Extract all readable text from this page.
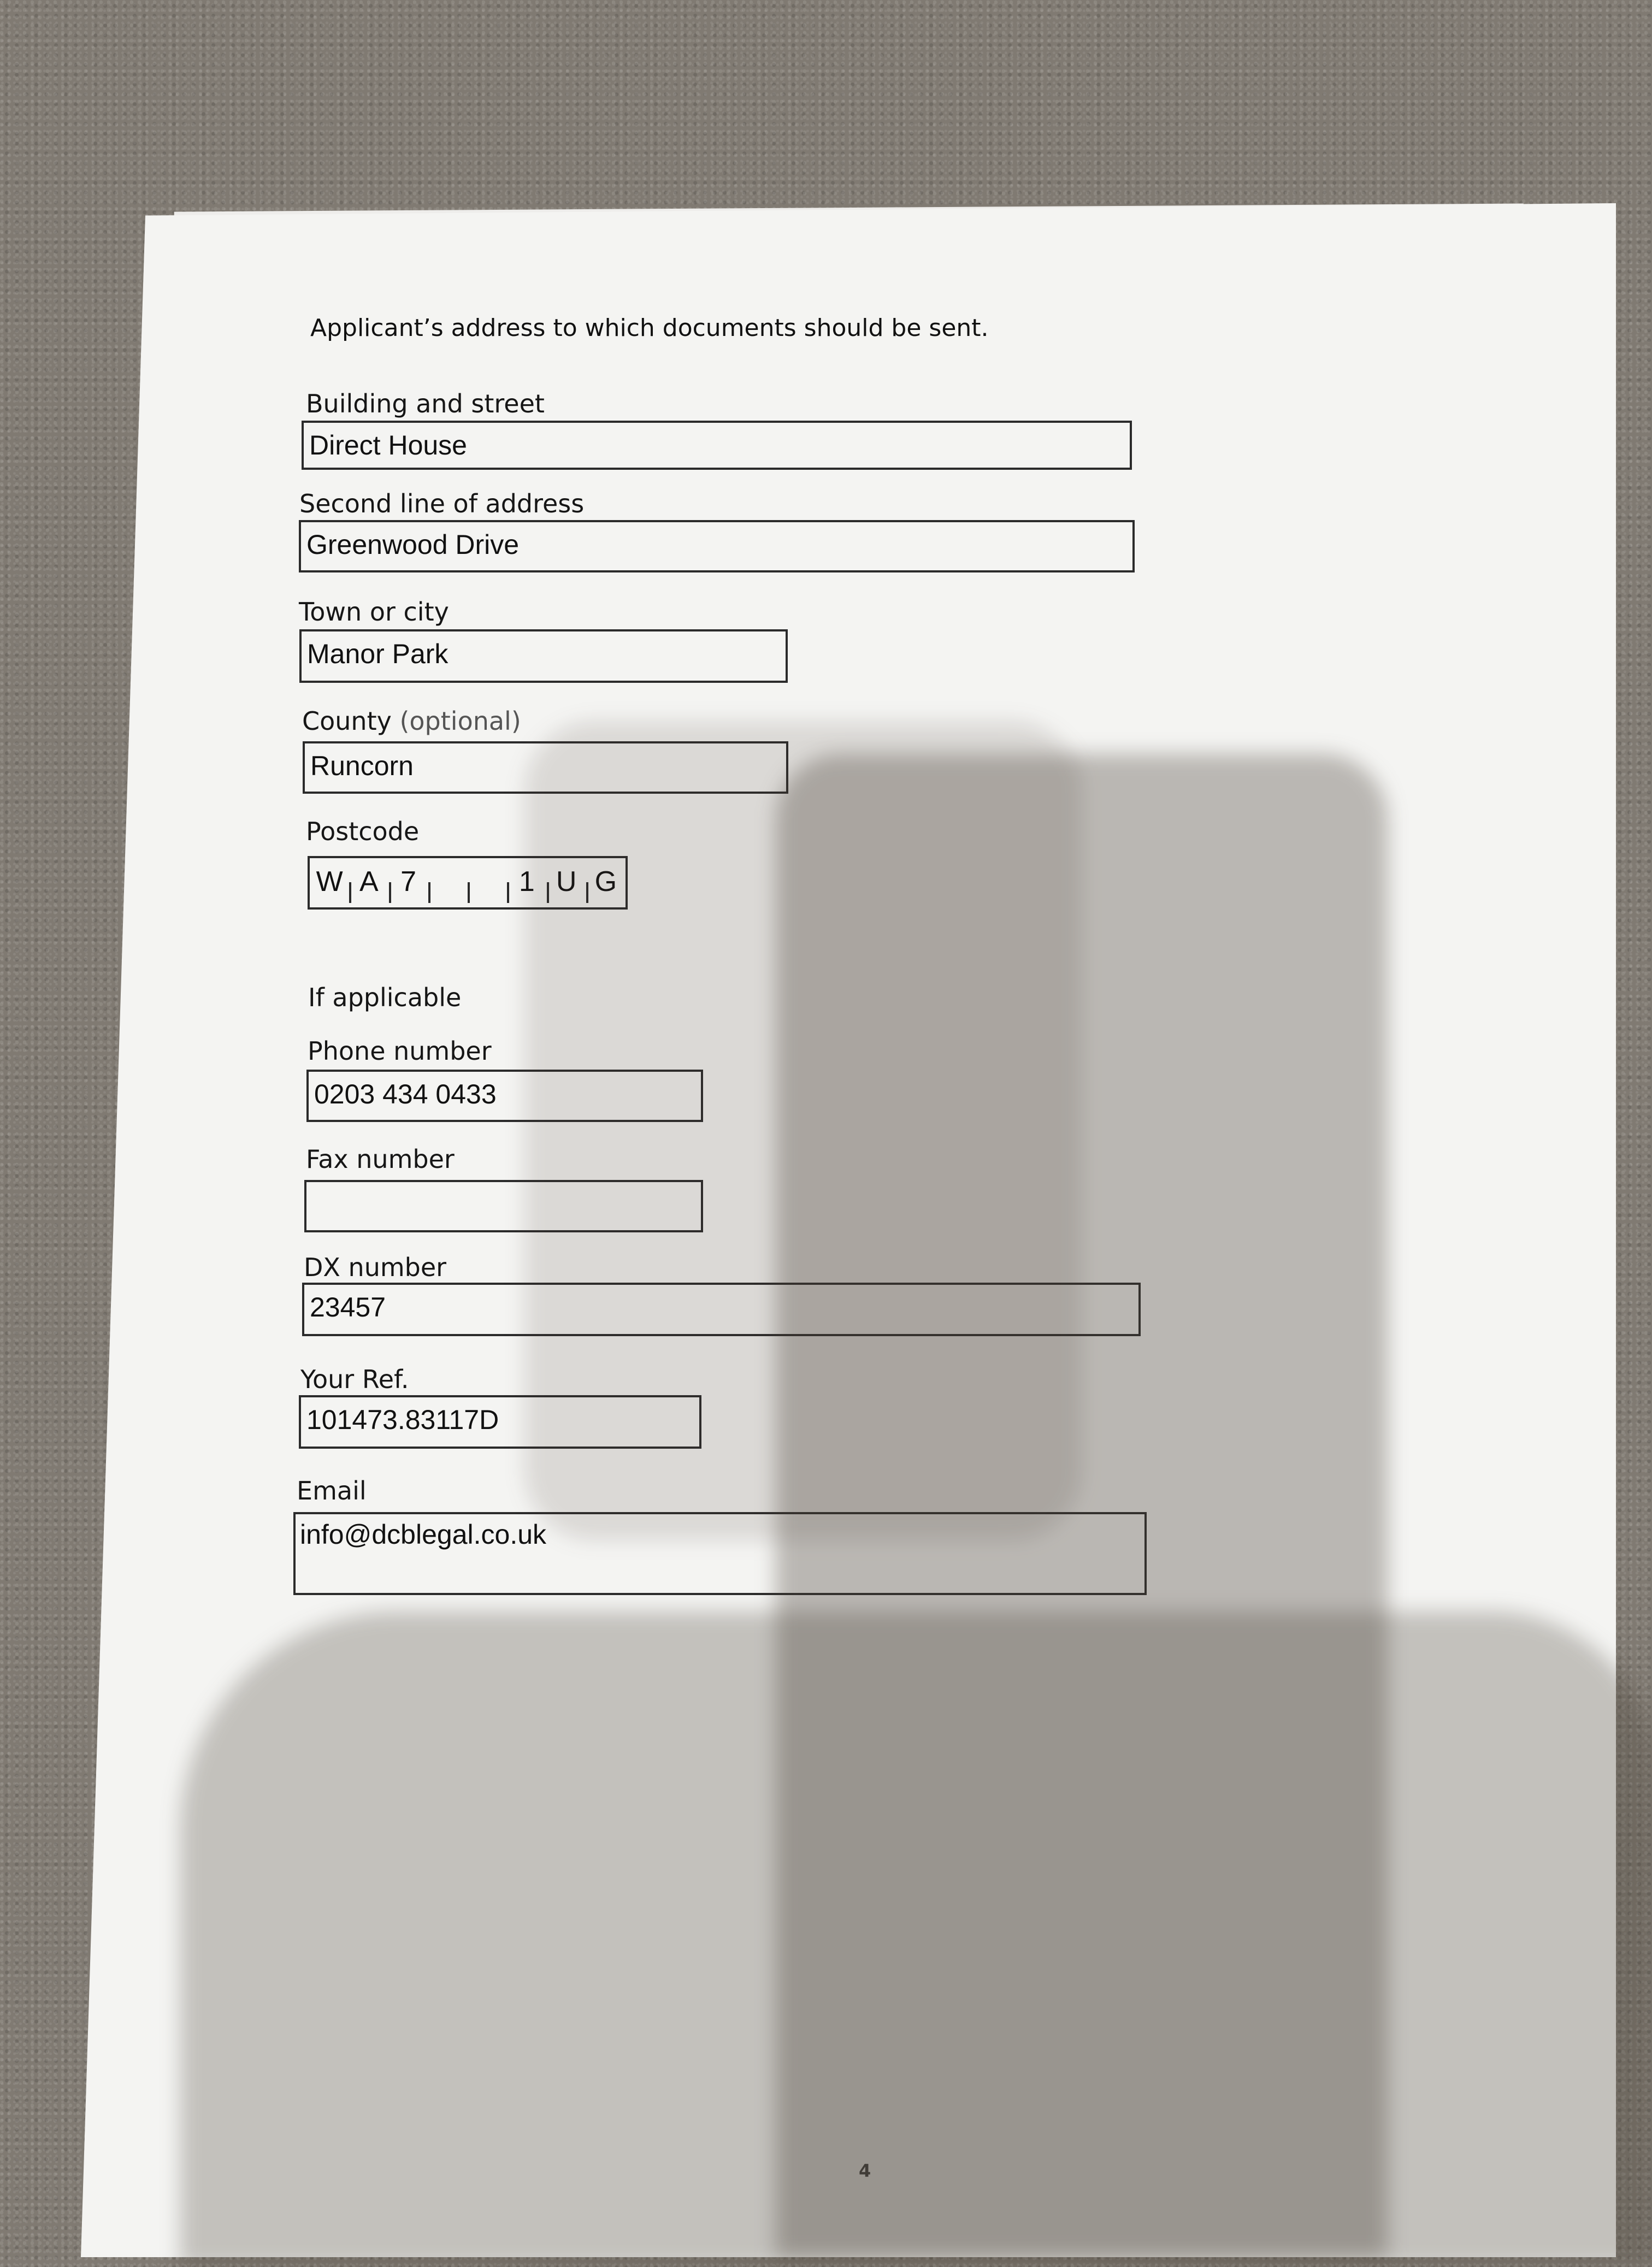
Applicant’s address to which documents should be sent.
Building and street
Direct House
Second line of address
Greenwood Drive
Town or city
Manor Park
County (optional)
Runcorn
Postcode
W A 7	1 U G
If applicable
Phone number
0203 434 0433
Fax number
DX number
23457
Your Ref.
101473.83117D
Email
info@dcblegal.co.uk
4
